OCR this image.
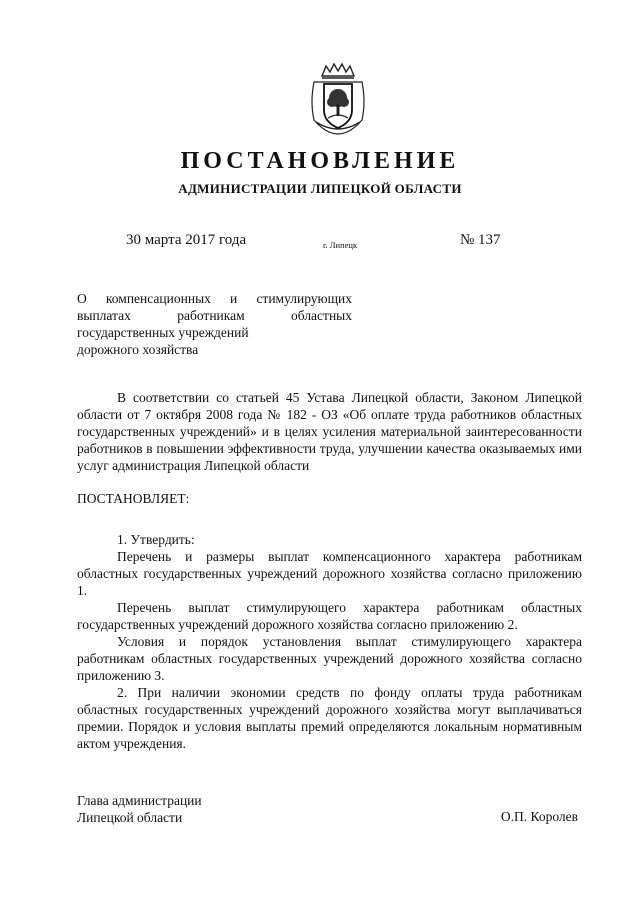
ПОСТАНОВЛЕНИЕ
АДМИНИСТРАЦИИ ЛИПЕЦКОЙ ОБЛАСТИ
30 марта 2017 года	г. Липецк	№ 137
О компенсационных и стимулирующих
выплатах работникам областных
государственных учреждений
дорожного хозяйства

В соответствии со статьей 45 Устава Липецкой области, Законом Липецкой области от 7 октября 2008 года № 182 - ОЗ «Об оплате труда работников областных государственных учреждений» и в целях усиления материальной заинтересованности работников в повышении эффективности труда, улучшении качества оказываемых ими услуг администрация Липецкой области

ПОСТАНОВЛЯЕТ:

1. Утвердить:

Перечень и размеры выплат компенсационного характера работникам областных государственных учреждений дорожного хозяйства согласно приложению 1.

Перечень выплат стимулирующего характера работникам областных государственных учреждений дорожного хозяйства согласно приложению 2.

Условия и порядок установления выплат стимулирующего характера работникам областных государственных учреждений дорожного хозяйства согласно приложению 3.

2. При наличии экономии средств по фонду оплаты труда работникам областных государственных учреждений дорожного хозяйства могут выплачиваться премии. Порядок и условия выплаты премий определяются локальным нормативным актом учреждения.

Глава администрации
Липецкой области	О.П. Королев
